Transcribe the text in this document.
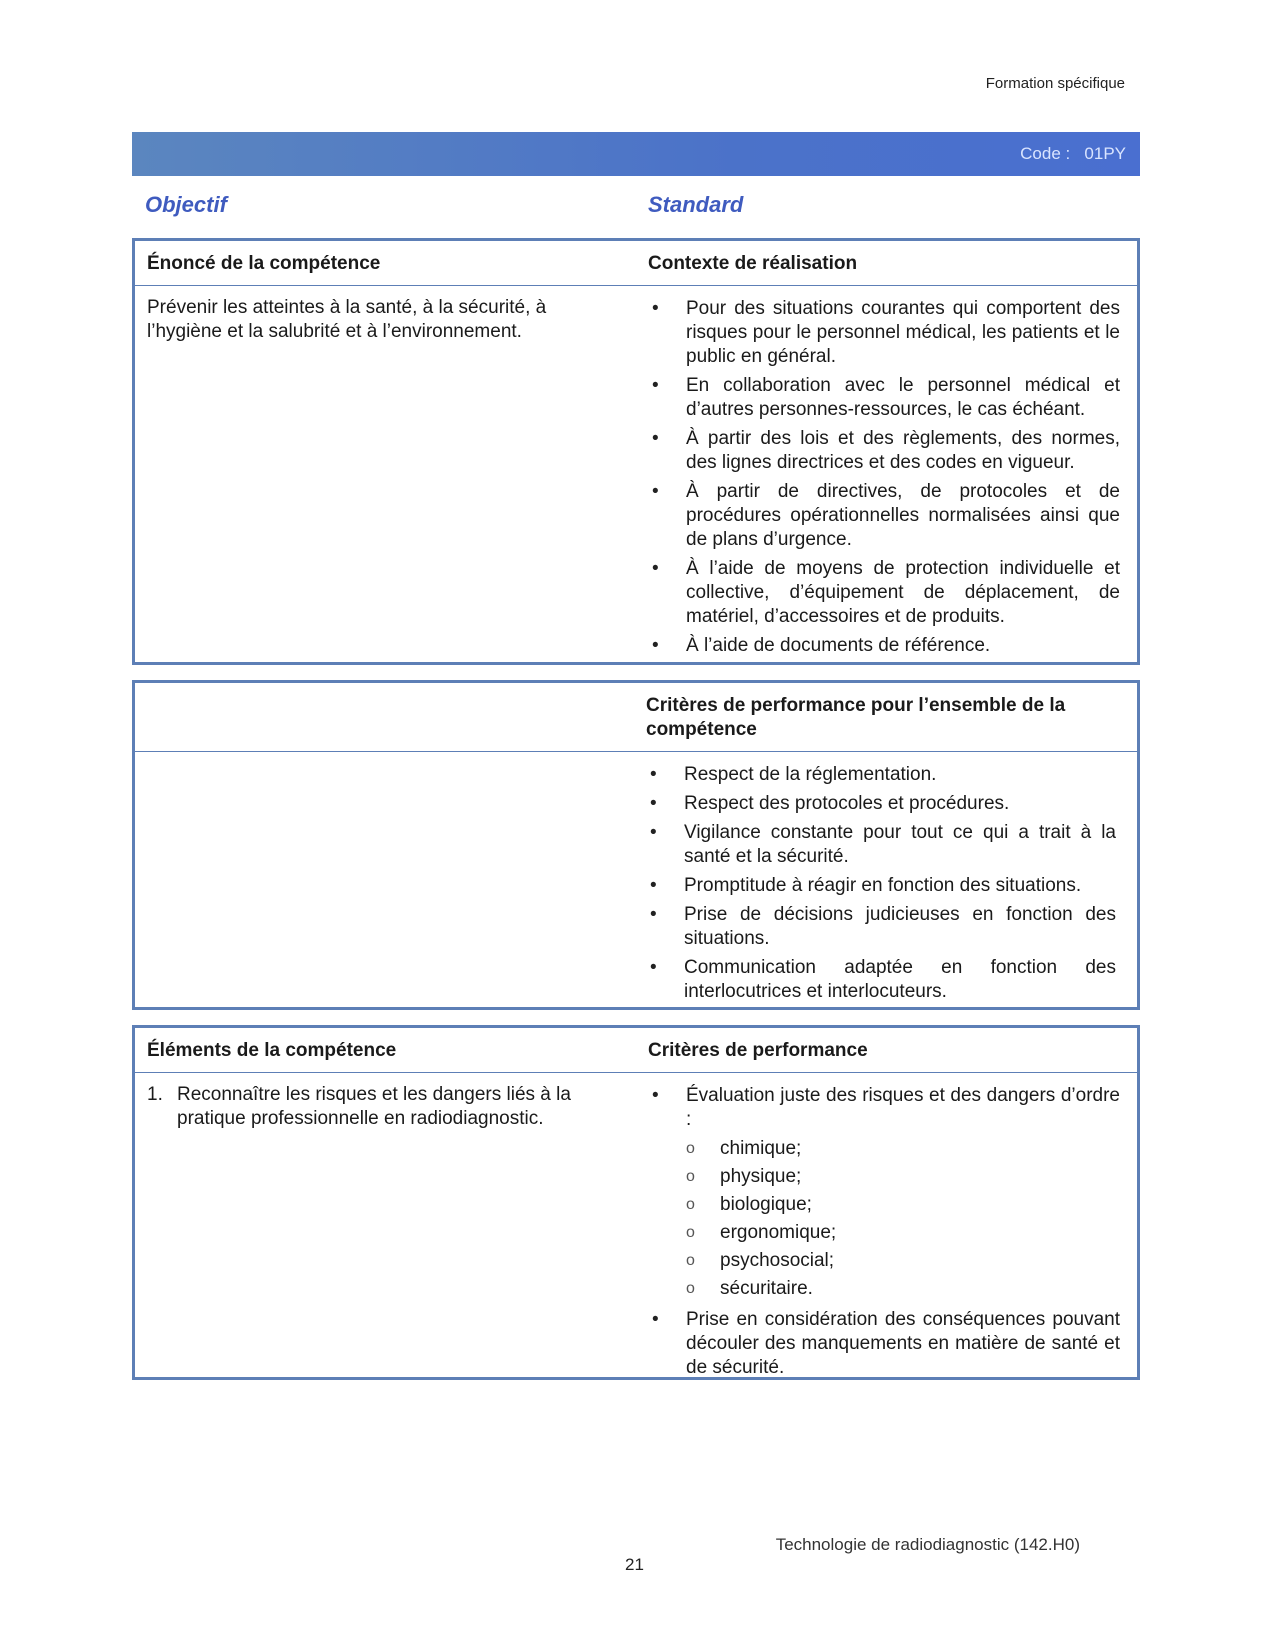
Formation spécifique
Code : 01PY
Objectif	Standard
Énoncé de la compétence	Contexte de réalisation
Prévenir les atteintes à la santé, à la sécurité, à l’hygiène et la salubrité et à l’environnement.
• Pour des situations courantes qui comportent des risques pour le personnel médical, les patients et le public en général.
• En collaboration avec le personnel médical et d’autres personnes-ressources, le cas échéant.
• À partir des lois et des règlements, des normes, des lignes directrices et des codes en vigueur.
• À partir de directives, de protocoles et de procédures opérationnelles normalisées ainsi que de plans d’urgence.
• À l’aide de moyens de protection individuelle et collective, d’équipement de déplacement, de matériel, d’accessoires et de produits.
• À l’aide de documents de référence.
Critères de performance pour l’ensemble de la compétence
• Respect de la réglementation.
• Respect des protocoles et procédures.
• Vigilance constante pour tout ce qui a trait à la santé et la sécurité.
• Promptitude à réagir en fonction des situations.
• Prise de décisions judicieuses en fonction des situations.
• Communication adaptée en fonction des interlocutrices et interlocuteurs.
Éléments de la compétence	Critères de performance
1. Reconnaître les risques et les dangers liés à la pratique professionnelle en radiodiagnostic.
• Évaluation juste des risques et des dangers d’ordre :
o chimique;
o physique;
o biologique;
o ergonomique;
o psychosocial;
o sécuritaire.
• Prise en considération des conséquences pouvant découler des manquements en matière de santé et de sécurité.
Technologie de radiodiagnostic (142.H0)
21
